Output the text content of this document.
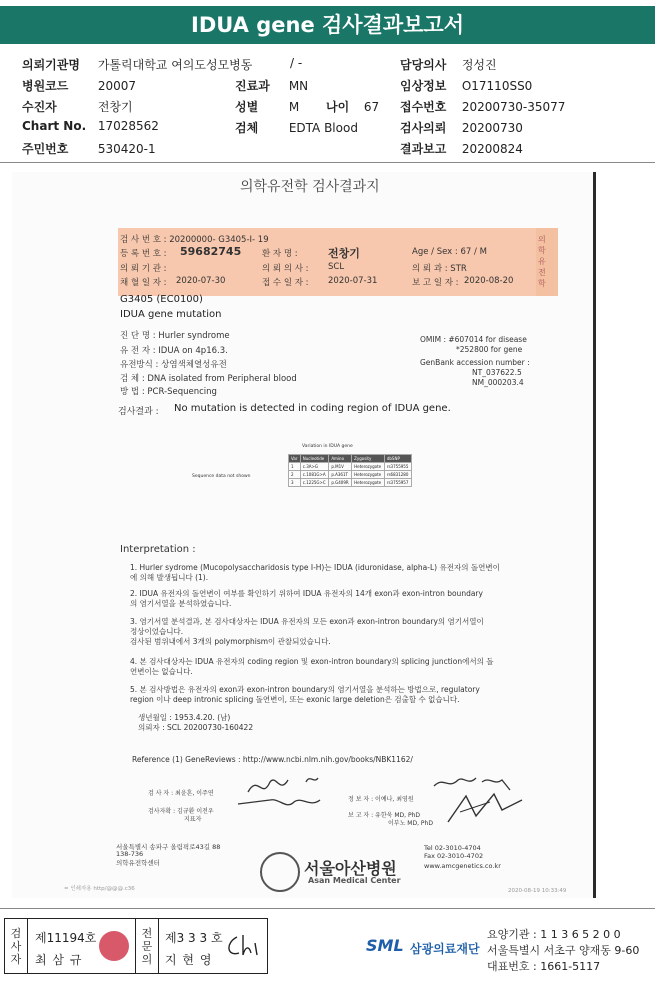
IDUA gene 검사결과보고서
의뢰기관명 가톨릭대학교 여의도성모병동	/ -	담당의사 정성진
병원코드 20007	진료과 MN	임상정보 O17110SS0
수진자	전창기	성별	M 나이 67 접수번호 20200730-35077
Chart No. 17028562	검체	EDTA Blood	검사의뢰 20200730
주민번호 530420-1	결과보고 20200824
의학유전학 검사결과지
의학유전학
검 사 번 호 : 20200000- G3405-I- 19
등 록 번 호 : 59682745 환 자 명 :	전창기	Age / Sex : 67 / M
의 뢰 기 관 :	의 뢰 의 사 : SCL	의 뢰 과 : STR
채 혈 일 자 : 2020-07-30	접 수 일 자 : 2020-07-31	보 고 일 자 : 2020-08-20
G3405 (EC0100)
IDUA gene mutation
진 단 명 : Hurler syndrome
유 전 자 : IDUA on 4p16.3.
유전방식 : 상염색체열성유전
검 체 : DNA isolated from Peripheral blood
방 법 : PCR-Sequencing
OMIM : #607014 for disease
*252800 for gene
GenBank accession number :
NT_037622.5
NM_000203.4
검사결과 : No mutation is detected in coding region of IDUA gene.
Variation in IDUA gene
Sequence data not shown
Var	Nucleotide	Amino	Zygosity	dbSNP
1	c.3A>G	p.M1V	Heterozygote	rs3755955
2	c.1081G>A	p.A361T	Heterozygote	rs6831280
3	c.1225G>C	p.G409R	Heterozygote	rs3755957
Interpretation :
1. Hurler sydrome (Mucopolysaccharidosis type I-H)는 IDUA (iduronidase, alpha-L) 유전자의 돌연변이
에 의해 발생됩니다 (1).
2. IDUA 유전자의 돌연변이 여부를 확인하기 위하여 IDUA 유전자의 14개 exon과 exon-intron boundary
의 염기서열을 분석하였습니다.
3. 염기서열 분석결과, 본 검사대상자는 IDUA 유전자의 모든 exon과 exon-intron boundary의 염기서열이
정상이었습니다.
검사된 범위내에서 3개의 polymorphism이 관찰되었습니다.
4. 본 검사대상자는 IDUA 유전자의 coding region 및 exon-intron boundary의 splicing junction에서의 돌
연변이는 없습니다.
5. 본 검사방법은 유전자의 exon과 exon-intron boundary의 염기서열을 분석하는 방법으로, regulatory
region 이나 deep intronic splicing 돌연변이, 또는 exonic large deletion은 검출할 수 없습니다.
생년월일 : 1953.4.20. (남)
의뢰자 : SCL 20200730-160422
Reference (1) GeneReviews : http://www.ncbi.nlm.nih.gov/books/NBK1162/
검 사 자 : 최윤혼, 이주연
검사자확 : 김규환 이전우
지표자
정 보 자 : 이예나, 최영원
보 고 자 : 유한욱 MD, PhD
이부노 MD, PhD
서울특별시 송파구 올림픽로43길 88
138-736
의학유전학센터	서울아산병원
Asan Medical Center
Tel 02-3010-4704
Fax 02-3010-4702
www.amcgenetics.co.kr
= 인쇄자용 http/@@@.c36	2020-08-19 10:33:49
검사자
제11194호
최 삼 규
전문의
제3 3 3 호
지 현 영
SML 삼광의료재단
요양기관 : 1 1 3 6 5 2 0 0
서울특별시 서초구 양재동 9-60
대표번호 : 1661-5117
